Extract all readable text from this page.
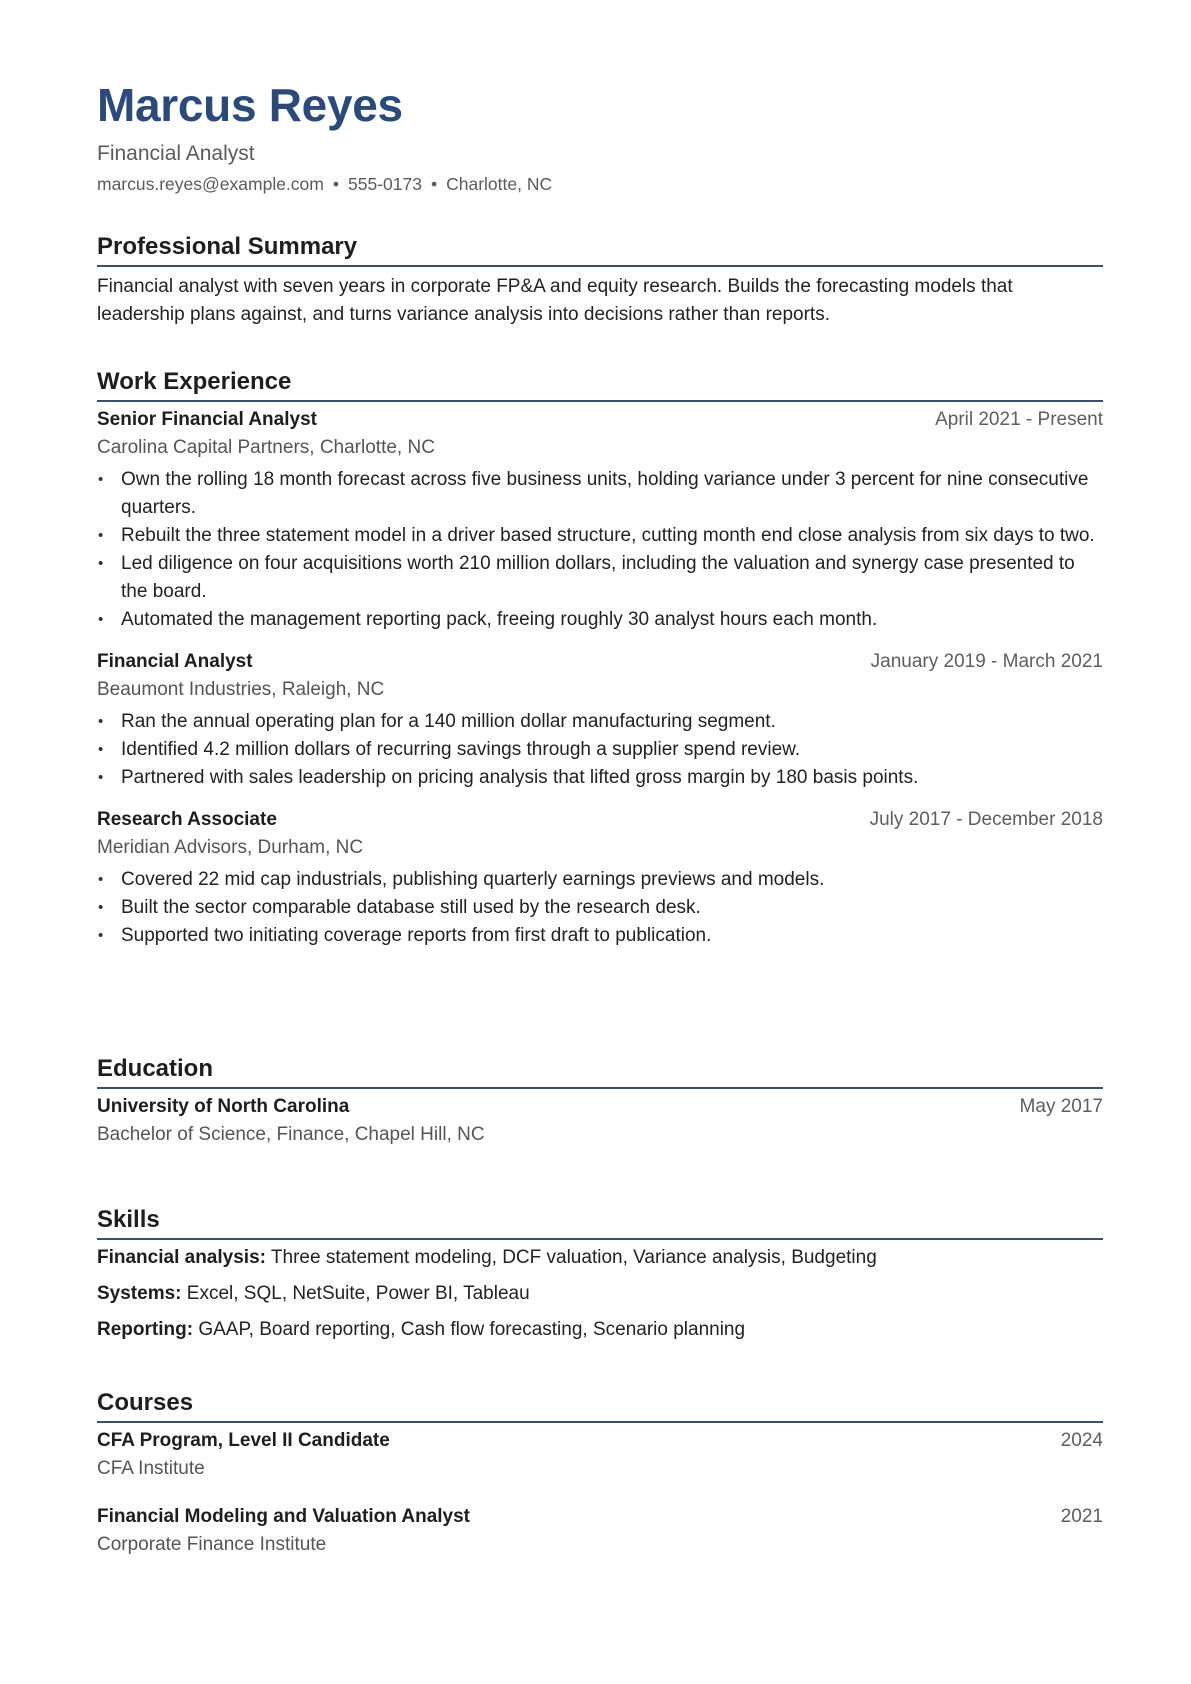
Marcus Reyes
Financial Analyst
marcus.reyes@example.com • 555-0173 • Charlotte, NC
Professional Summary
Financial analyst with seven years in corporate FP&A and equity research. Builds the forecasting models that leadership plans against, and turns variance analysis into decisions rather than reports.
Work Experience
Senior Financial Analyst	April 2021 - Present
Carolina Capital Partners, Charlotte, NC
• Own the rolling 18 month forecast across five business units, holding variance under 3 percent for nine consecutive quarters.
• Rebuilt the three statement model in a driver based structure, cutting month end close analysis from six days to two.
• Led diligence on four acquisitions worth 210 million dollars, including the valuation and synergy case presented to the board.
• Automated the management reporting pack, freeing roughly 30 analyst hours each month.
Financial Analyst	January 2019 - March 2021
Beaumont Industries, Raleigh, NC
• Ran the annual operating plan for a 140 million dollar manufacturing segment.
• Identified 4.2 million dollars of recurring savings through a supplier spend review.
• Partnered with sales leadership on pricing analysis that lifted gross margin by 180 basis points.
Research Associate	July 2017 - December 2018
Meridian Advisors, Durham, NC
• Covered 22 mid cap industrials, publishing quarterly earnings previews and models.
• Built the sector comparable database still used by the research desk.
• Supported two initiating coverage reports from first draft to publication.
Education
University of North Carolina	May 2017
Bachelor of Science, Finance, Chapel Hill, NC
Skills
Financial analysis: Three statement modeling, DCF valuation, Variance analysis, Budgeting
Systems: Excel, SQL, NetSuite, Power BI, Tableau
Reporting: GAAP, Board reporting, Cash flow forecasting, Scenario planning
Courses
CFA Program, Level II Candidate	2024
CFA Institute
Financial Modeling and Valuation Analyst	2021
Corporate Finance Institute
